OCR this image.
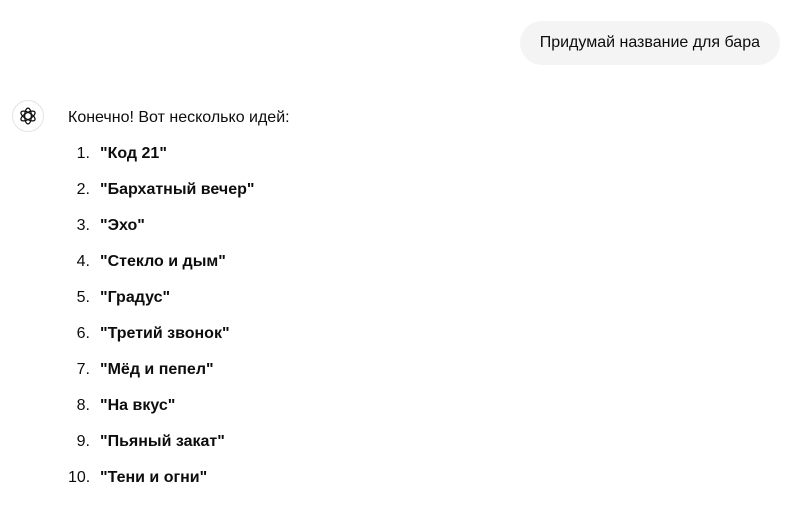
Придумай название для бара

Конечно! Вот несколько идей:

1. "Код 21"
2. "Бархатный вечер"
3. "Эхо"
4. "Стекло и дым"
5. "Градус"
6. "Третий звонок"
7. "Мёд и пепел"
8. "На вкус"
9. "Пьяный закат"
10. "Тени и огни"
